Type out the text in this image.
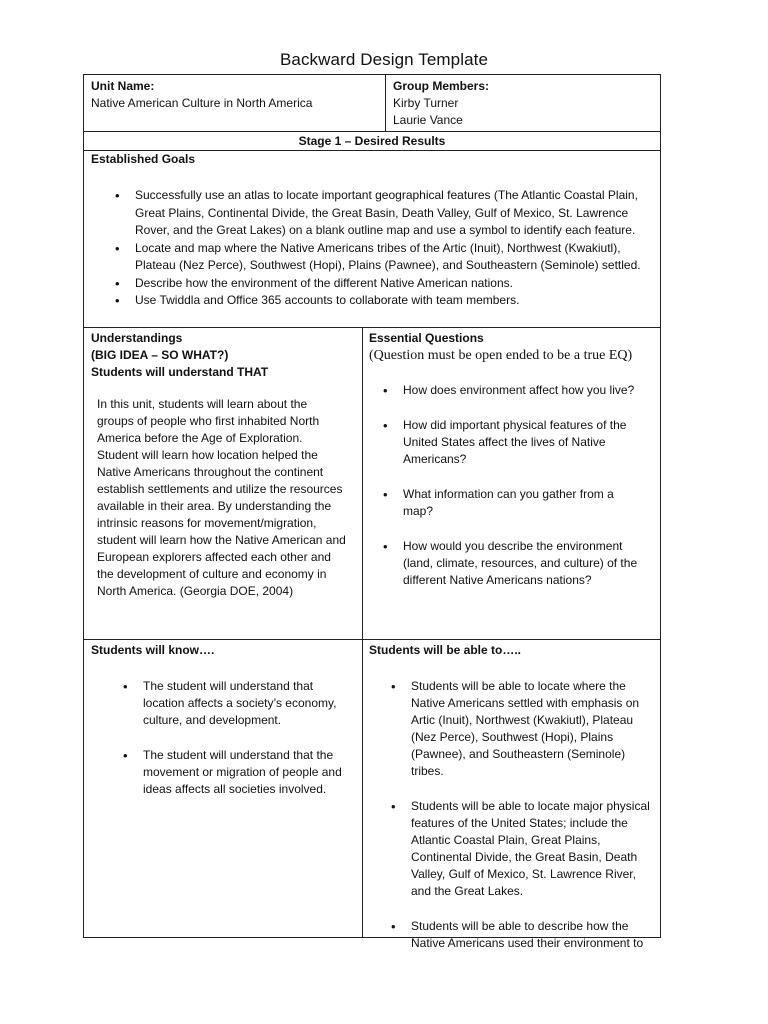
Backward Design Template
Unit Name:
Native American Culture in North America
Group Members:
Kirby Turner
Laurie Vance
Stage 1 – Desired Results
Established Goals
• Successfully use an atlas to locate important geographical features (The Atlantic Coastal Plain, Great Plains, Continental Divide, the Great Basin, Death Valley, Gulf of Mexico, St. Lawrence Rover, and the Great Lakes) on a blank outline map and use a symbol to identify each feature.
• Locate and map where the Native Americans tribes of the Artic (Inuit), Northwest (Kwakiutl), Plateau (Nez Perce), Southwest (Hopi), Plains (Pawnee), and Southeastern (Seminole) settled.
• Describe how the environment of the different Native American nations.
• Use Twiddla and Office 365 accounts to collaborate with team members.
Understandings
(BIG IDEA – SO WHAT?)
Students will understand THAT
In this unit, students will learn about the groups of people who first inhabited North America before the Age of Exploration. Student will learn how location helped the Native Americans throughout the continent establish settlements and utilize the resources available in their area. By understanding the intrinsic reasons for movement/migration, student will learn how the Native American and European explorers affected each other and the development of culture and economy in North America. (Georgia DOE, 2004)
Essential Questions
(Question must be open ended to be a true EQ)
• How does environment affect how you live?
• How did important physical features of the United States affect the lives of Native Americans?
• What information can you gather from a map?
• How would you describe the environment (land, climate, resources, and culture) of the different Native Americans nations?
Students will know….
• The student will understand that location affects a society’s economy, culture, and development.
• The student will understand that the movement or migration of people and ideas affects all societies involved.
Students will be able to…..
• Students will be able to locate where the Native Americans settled with emphasis on Artic (Inuit), Northwest (Kwakiutl), Plateau (Nez Perce), Southwest (Hopi), Plains (Pawnee), and Southeastern (Seminole) tribes.
• Students will be able to locate major physical features of the United States; include the Atlantic Coastal Plain, Great Plains, Continental Divide, the Great Basin, Death Valley, Gulf of Mexico, St. Lawrence River, and the Great Lakes.
• Students will be able to describe how the Native Americans used their environment to
